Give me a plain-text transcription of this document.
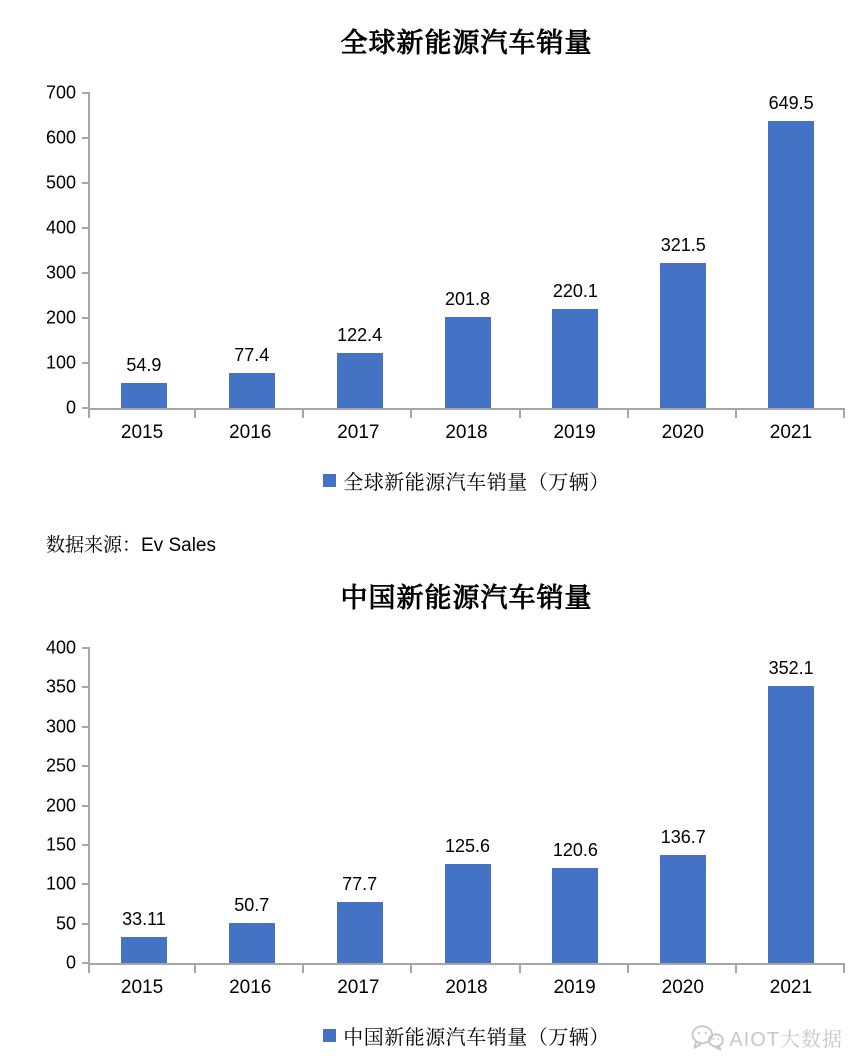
全球新能源汽车销量
0
100
200
300
400
500
600
700
54.9
77.4
122.4
201.8	220.1
321.5
649.5
2015	2016	2017	2018	2019	2020	2021
全球新能源汽车销量（万辆）
数据来源：Ev Sales
中国新能源汽车销量
0
50
100
150
200
250
300
350
400
33.11
50.7
77.7
125.6	120.6
136.7
352.1
2015	2016	2017	2018	2019	2020	2021
中国新能源汽车销量（万辆）	AIOT大数据
